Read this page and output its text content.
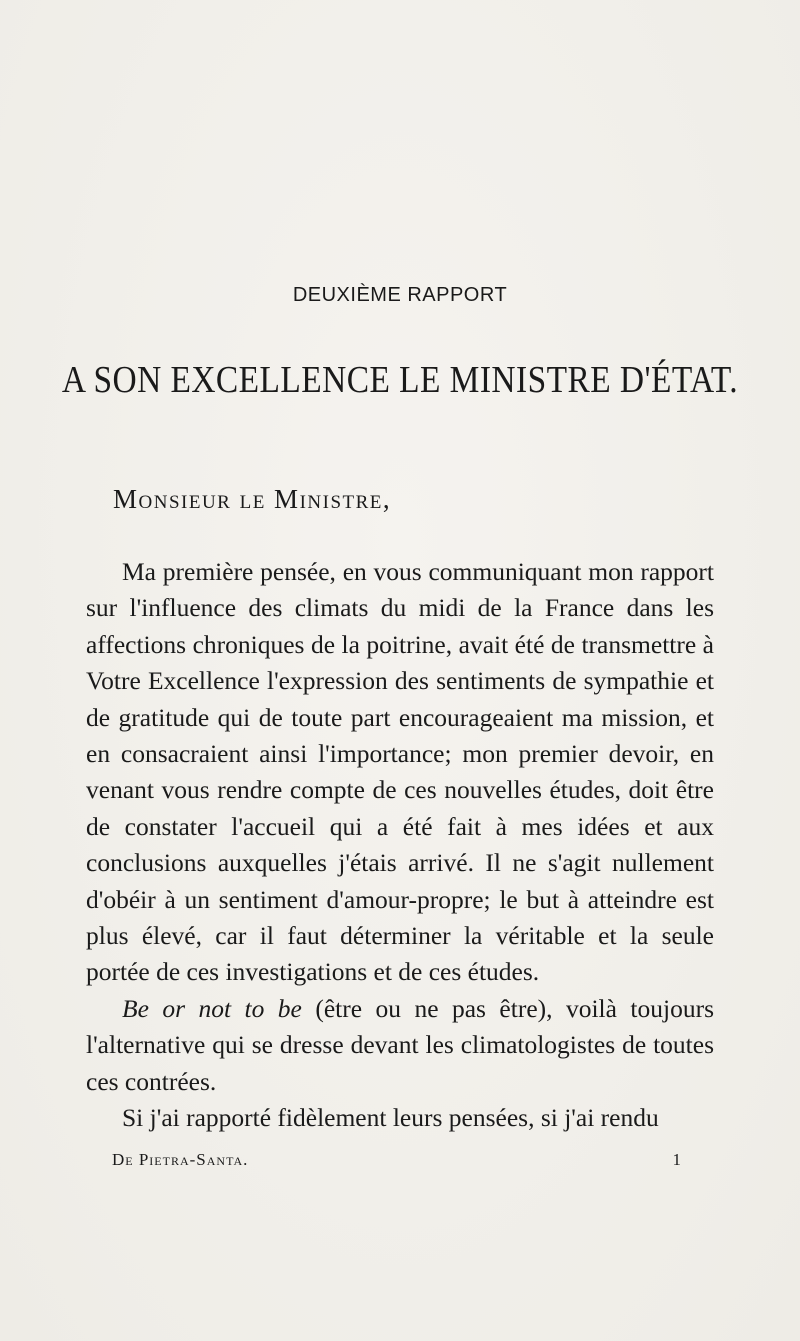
DEUXIÈME RAPPORT
A SON EXCELLENCE LE MINISTRE D'ÉTAT.
Monsieur le Ministre,

Ma première pensée, en vous communiquant mon rapport sur l'influence des climats du midi de la France dans les affections chroniques de la poitrine, avait été de transmettre à Votre Excellence l'expression des sentiments de sympathie et de gratitude qui de toute part encourageaient ma mission, et en consacraient ainsi l'importance; mon premier devoir, en venant vous rendre compte de ces nouvelles études, doit être de constater l'accueil qui a été fait à mes idées et aux conclusions auxquelles j'étais arrivé. Il ne s'agit nullement d'obéir à un sentiment d'amour-propre; le but à atteindre est plus élevé, car il faut déterminer la véritable et la seule portée de ces investigations et de ces études.

Be or not to be (être ou ne pas être), voilà toujours l'alternative qui se dresse devant les climatologistes de toutes ces contrées.

Si j'ai rapporté fidèlement leurs pensées, si j'ai rendu

De Pietra-Santa.	1
